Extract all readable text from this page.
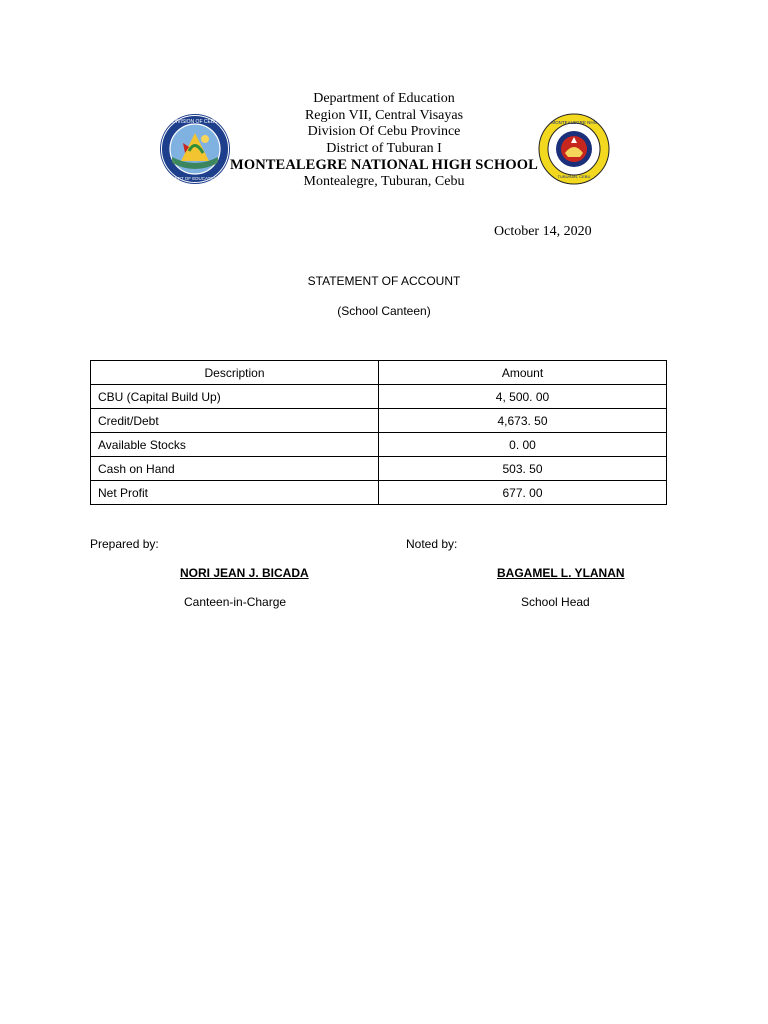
Department of Education
Region VII, Central Visayas
Division Of Cebu Province
District of Tuburan I
MONTEALEGRE NATIONAL HIGH SCHOOL
Montealegre, Tuburan, Cebu
DIVISION OF CEBU
DEPT OF EDUCATION
MONTEALEGRE NHS
TUBURAN, CEBU
October 14, 2020
STATEMENT OF ACCOUNT
(School Canteen)
Description	Amount
CBU (Capital Build Up)	4, 500. 00
Credit/Debt	4,673. 50
Available Stocks	0. 00
Cash on Hand	503. 50
Net Profit	677. 00
Prepared by:	Noted by:
NORI JEAN J. BICADA	BAGAMEL L. YLANAN
Canteen-in-Charge	School Head
